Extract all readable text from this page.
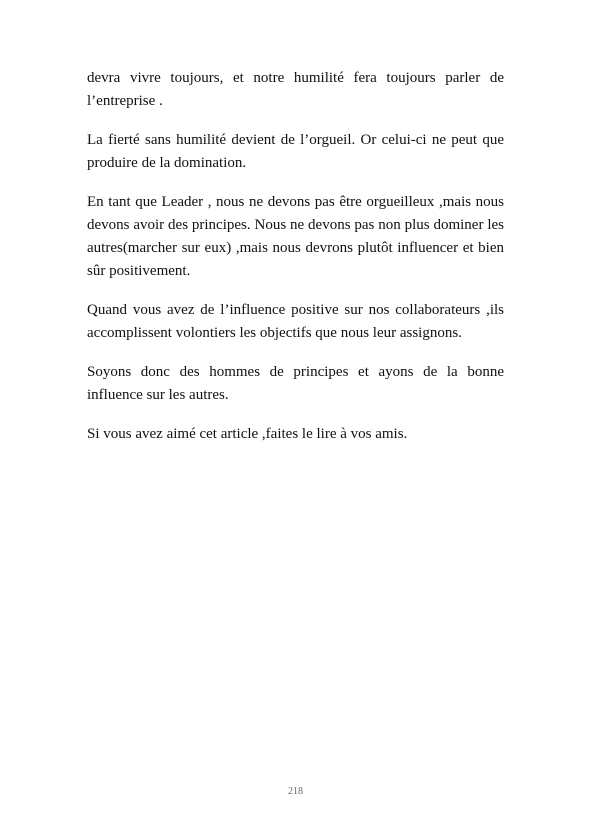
devra vivre toujours, et notre humilité fera toujours parler de l’entreprise .

La fierté sans humilité devient de l’orgueil. Or celui-ci ne peut que produire de la domination.

En tant que Leader , nous ne devons pas être orgueilleux ,mais nous devons avoir des principes. Nous ne devons pas non plus dominer les autres(marcher sur eux) ,mais nous devrons plutôt influencer et bien sûr positivement.

Quand vous avez de l’influence positive sur nos collaborateurs ,ils accomplissent volontiers les objectifs que nous leur assignons.

Soyons donc des hommes de principes et ayons de la bonne influence sur les autres.

Si vous avez aimé cet article ,faites le lire à vos amis.

218
